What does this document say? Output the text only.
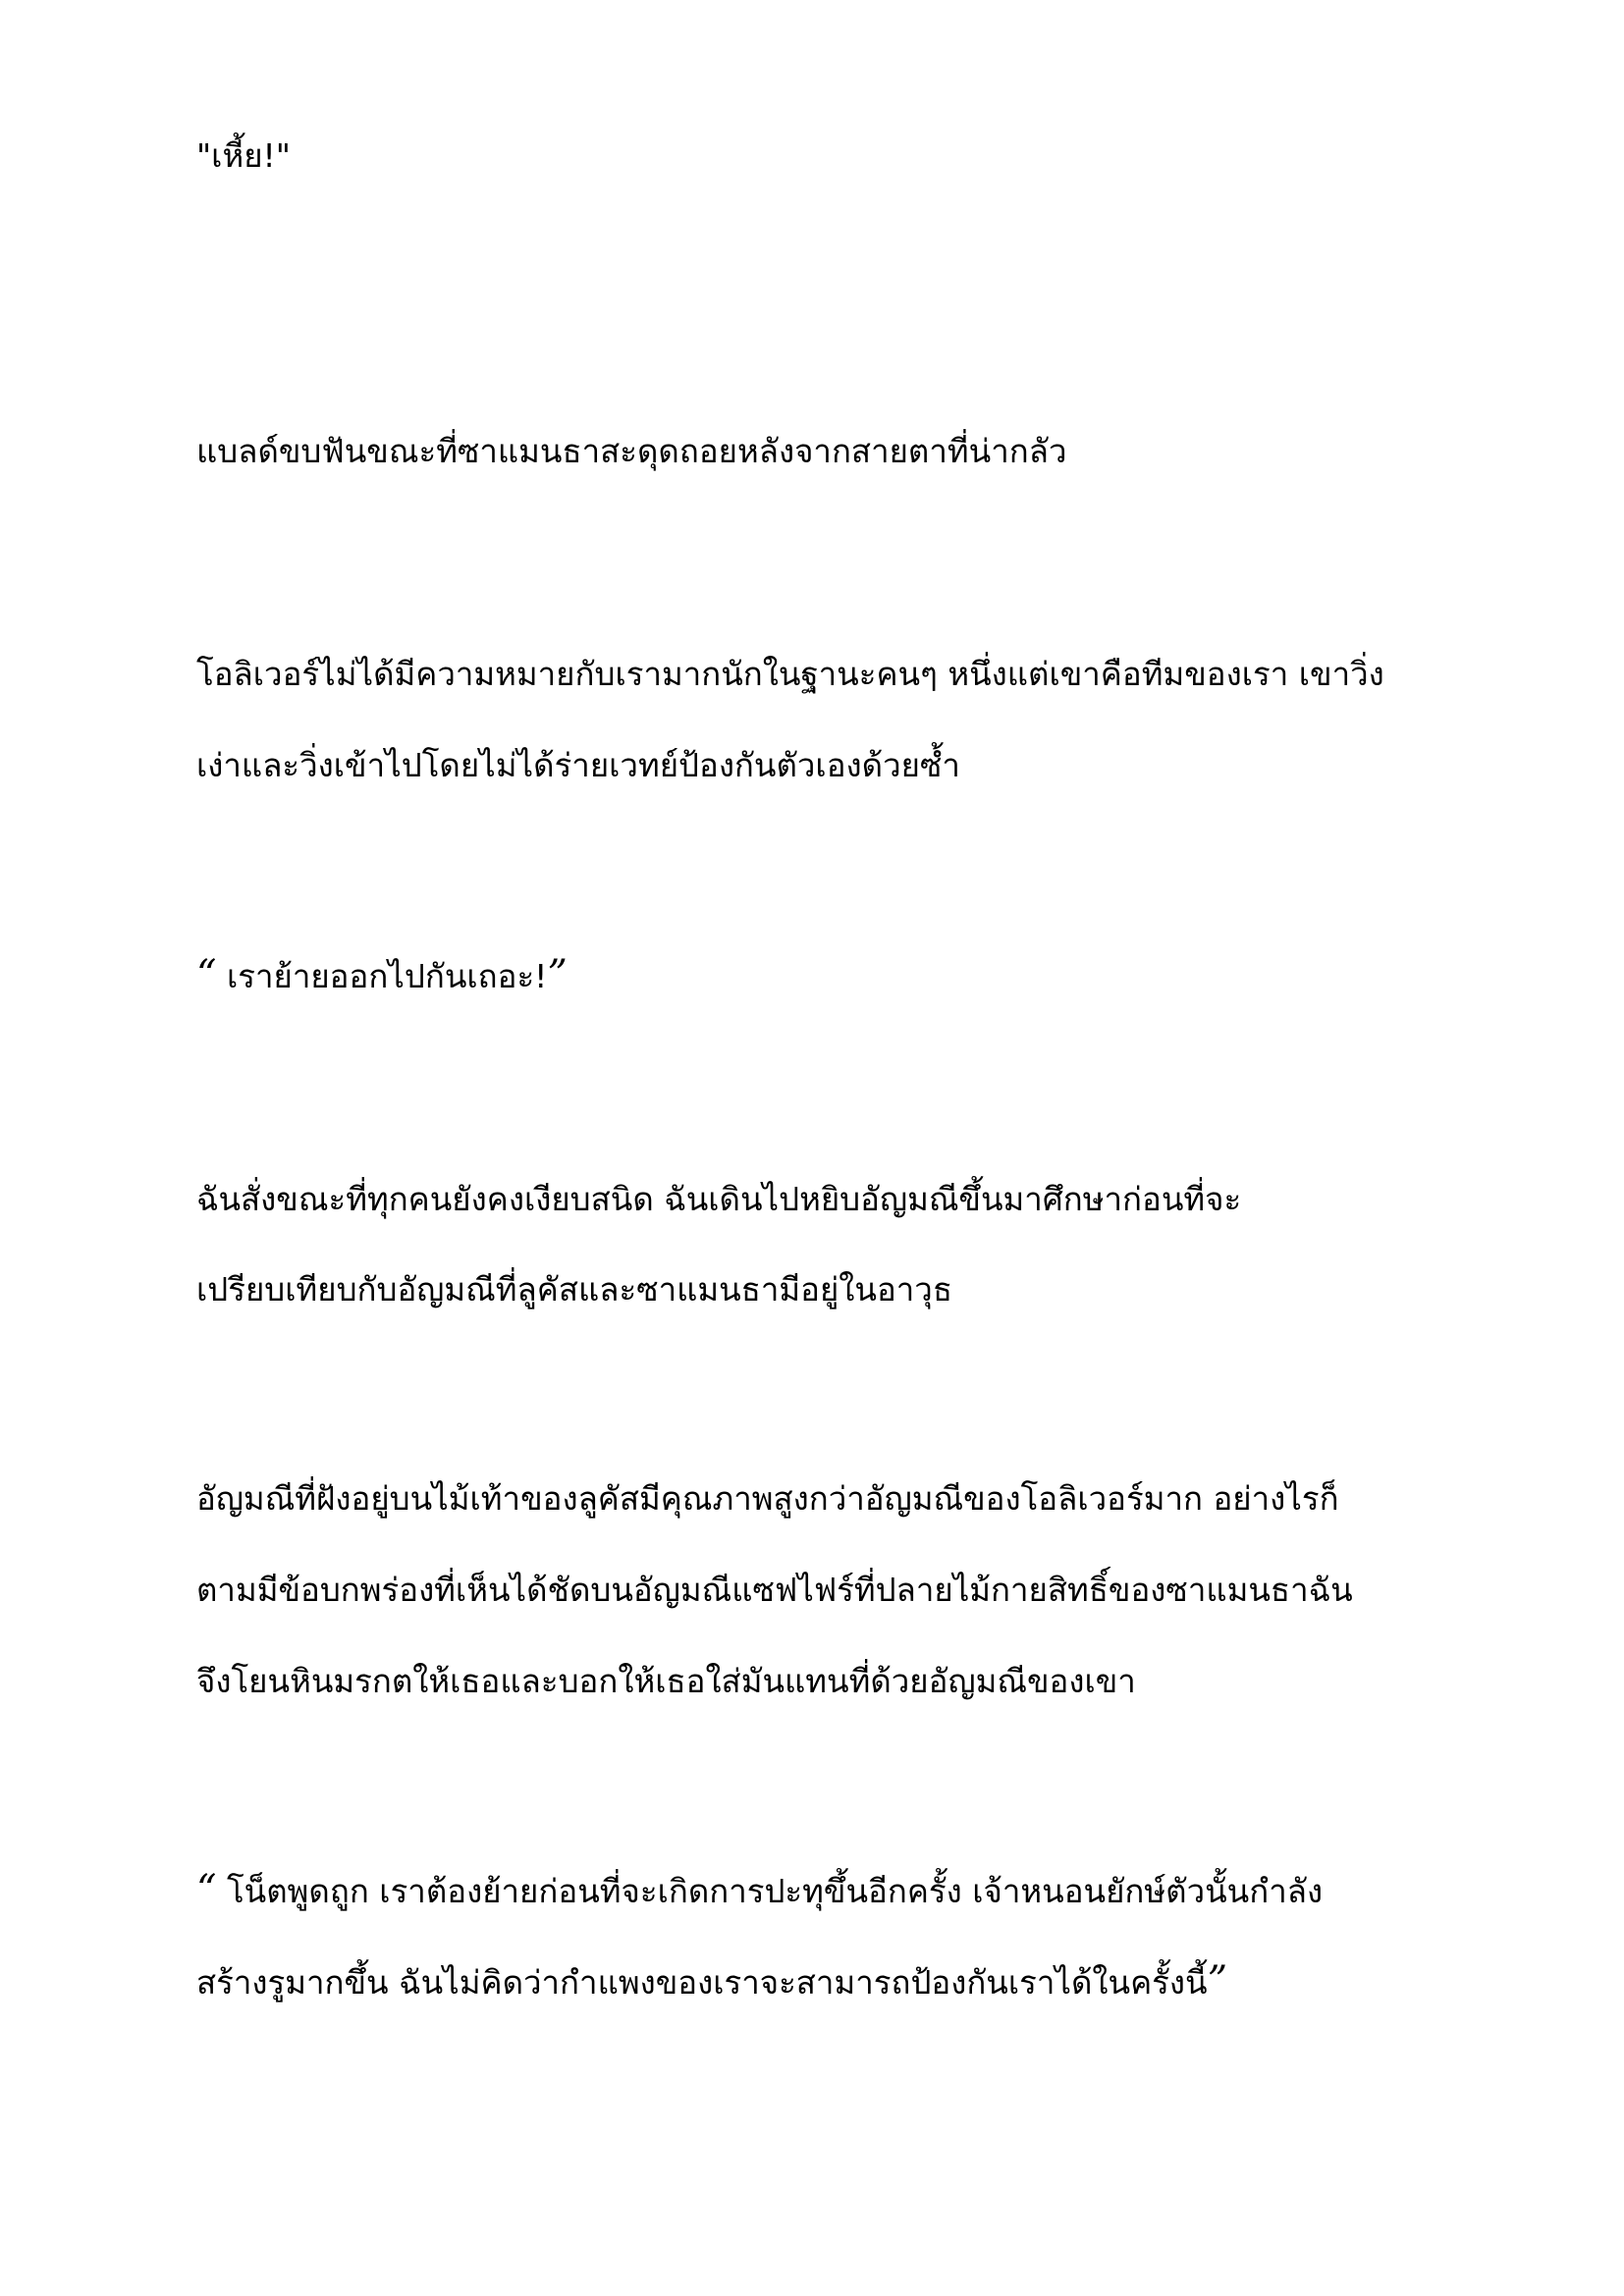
"เหี้ย!"

แบลด์ขบฟันขณะที่ซาแมนธาสะดุดถอยหลังจากสายตาที่น่ากลัว

โอลิเวอร์ไม่ได้มีความหมายกับเรามากนักในฐานะคนๆ หนึ่งแต่เขาคือทีมของเรา เขาวิ่ง

เง่าและวิ่งเข้าไปโดยไม่ได้ร่ายเวทย์ป้องกันตัวเองด้วยซ้ำ

“ เราย้ายออกไปกันเถอะ!”

ฉันสั่งขณะที่ทุกคนยังคงเงียบสนิด ฉันเดินไปหยิบอัญมณีขึ้นมาศึกษาก่อนที่จะ

เปรียบเทียบกับอัญมณีที่ลูคัสและซาแมนธามีอยู่ในอาวุธ

อัญมณีที่ฝังอยู่บนไม้เท้าของลูคัสมีคุณภาพสูงกว่าอัญมณีของโอลิเวอร์มาก อย่างไรก็

ตามมีข้อบกพร่องที่เห็นได้ชัดบนอัญมณีแซฟไฟร์ที่ปลายไม้กายสิทธิ์ของซาแมนธาฉัน

จึงโยนหินมรกตให้เธอและบอกให้เธอใส่มันแทนที่ด้วยอัญมณีของเขา

“ โน็ตพูดถูก เราต้องย้ายก่อนที่จะเกิดการปะทุขึ้นอีกครั้ง เจ้าหนอนยักษ์ตัวนั้นกำลัง

สร้างรูมากขึ้น ฉันไม่คิดว่ากำแพงของเราจะสามารถป้องกันเราได้ในครั้งนี้”
